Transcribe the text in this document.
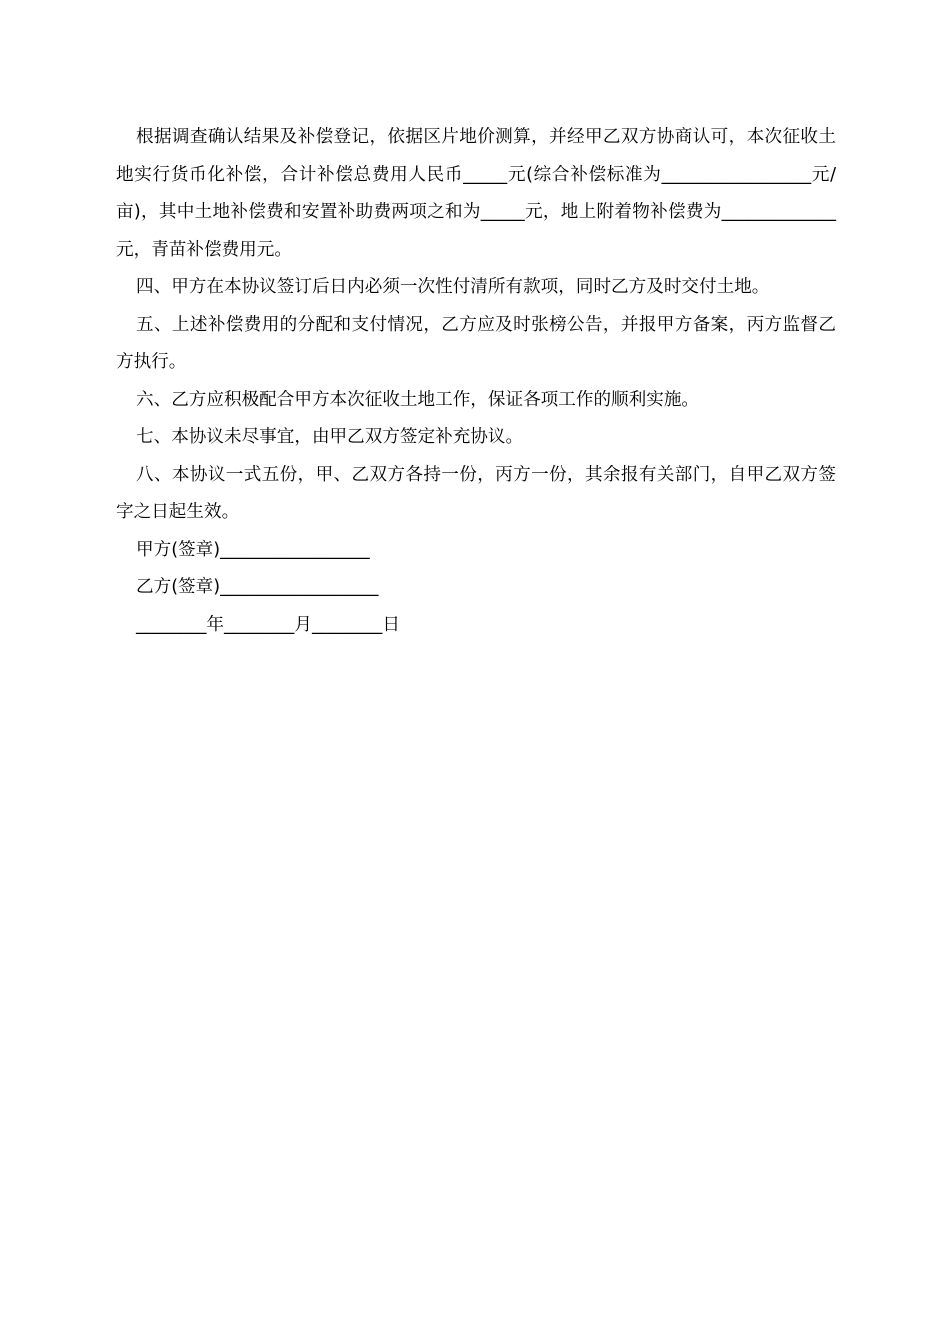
根据调查确认结果及补偿登记，依据区片地价测算，并经甲乙双方协商认可，本次征收土地实行货币化补偿，合计补偿总费用人民币_____元(综合补偿标准为_________________元/亩)，其中土地补偿费和安置补助费两项之和为_____元，地上附着物补偿费为_____________元，青苗补偿费用元。

四、甲方在本协议签订后日内必须一次性付清所有款项，同时乙方及时交付土地。

五、上述补偿费用的分配和支付情况，乙方应及时张榜公告，并报甲方备案，丙方监督乙方执行。

六、乙方应积极配合甲方本次征收土地工作，保证各项工作的顺利实施。

七、本协议未尽事宜，由甲乙双方签定补充协议。

八、本协议一式五份，甲、乙双方各持一份，丙方一份，其余报有关部门，自甲乙双方签字之日起生效。

甲方(签章)_________________

乙方(签章)__________________

________年________月________日
